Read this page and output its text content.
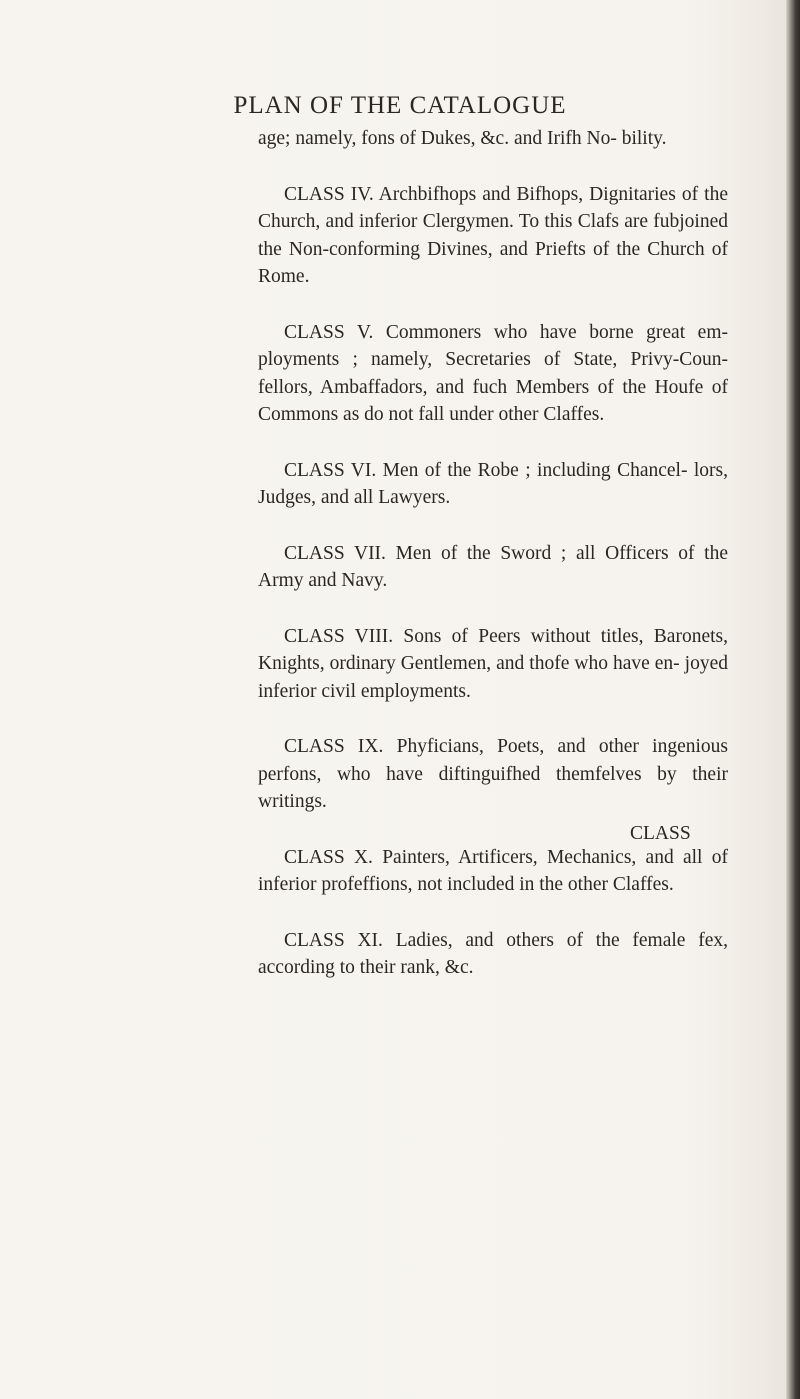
PLAN OF THE CATALOGUE

age; namely, fons of Dukes, &c. and Irifh No- bility.

CLASS IV. Archbifhops and Bifhops, Dignitaries of the Church, and inferior Clergymen. To this Clafs are fubjoined the Non-conforming Divines, and Priefts of the Church of Rome.

CLASS V. Commoners who have borne great em- ployments ; namely, Secretaries of State, Privy-Coun- fellors, Ambaffadors, and fuch Members of the Houfe of Commons as do not fall under other Claffes.

CLASS VI. Men of the Robe ; including Chancel- lors, Judges, and all Lawyers.

CLASS VII. Men of the Sword ; all Officers of the Army and Navy.

CLASS VIII. Sons of Peers without titles, Baronets, Knights, ordinary Gentlemen, and thofe who have en- joyed inferior civil employments.

CLASS IX. Phyficians, Poets, and other ingenious perfons, who have diftinguifhed themfelves by their writings.

CLASS X. Painters, Artificers, Mechanics, and all of inferior profeffions, not included in the other Claffes.

CLASS XI. Ladies, and others of the female fex, according to their rank, &c.

CLASS
